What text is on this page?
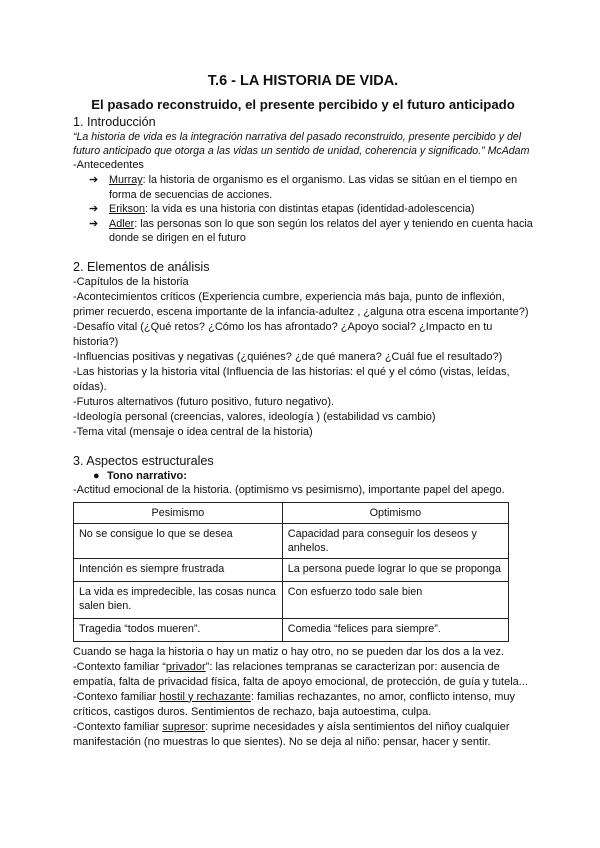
T.6 - LA HISTORIA DE VIDA.
El pasado reconstruido, el presente percibido y el futuro anticipado
1. Introducción

“La historia de vida es la integración narrativa del pasado reconstruido, presente percibido y del futuro anticipado que otorga a las vidas un sentido de unidad, coherencia y significado.” McAdam

-Antecedentes

➔ Murray: la historia de organismo es el organismo. Las vidas se sitúan en el tiempo en forma de secuencias de acciones.
➔ Erikson: la vida es una historia con distintas etapas (identidad-adolescencia)
➔ Adler: las personas son lo que son según los relatos del ayer y teniendo en cuenta hacia donde se dirigen en el futuro
2. Elementos de análisis

-Capítulos de la historia

-Acontecimientos críticos (Experiencia cumbre, experiencia más baja, punto de inflexión, primer recuerdo, escena importante de la infancia-adultez , ¿alguna otra escena importante?)

-Desafío vital (¿Qué retos? ¿Cómo los has afrontado? ¿Apoyo social? ¿Impacto en tu historia?)

-Influencias positivas y negativas (¿quiénes? ¿de qué manera? ¿Cuál fue el resultado?)

-Las historias y la historia vital (Influencia de las historias: el qué y el cómo (vistas, leídas, oídas).

-Futuros alternativos (futuro positivo, futuro negativo).

-Ideología personal (creencias, valores, ideología ) (estabilidad vs cambio)

-Tema vital (mensaje o idea central de la historia)

3. Aspectos estructurales
● Tono narrativo:

-Actitud emocional de la historia. (optimismo vs pesimismo), importante papel del apego.

Pesimismo	Optimismo
No se consigue lo que se desea	Capacidad para conseguir los deseos y anhelos.
Intención es siempre frustrada	La persona puede lograr lo que se proponga
La vida es impredecible, las cosas nunca salen bien.	Con esfuerzo todo sale bien
Tragedia “todos mueren”.	Comedia “felices para siempre”.

Cuando se haga la historia o hay un matiz o hay otro, no se pueden dar los dos a la vez.

-Contexto familiar “privador”: las relaciones tempranas se caracterizan por: ausencia de empatía, falta de privacidad física, falta de apoyo emocional, de protección, de guía y tutela...

-Contexo familiar hostil y rechazante: familias rechazantes, no amor, conflicto intenso, muy críticos, castigos duros. Sentimientos de rechazo, baja autoestima, culpa.

-Contexto familiar supresor: suprime necesidades y aísla sentimientos del niñoy cualquier manifestación (no muestras lo que sientes). No se deja al niño: pensar, hacer y sentir.
